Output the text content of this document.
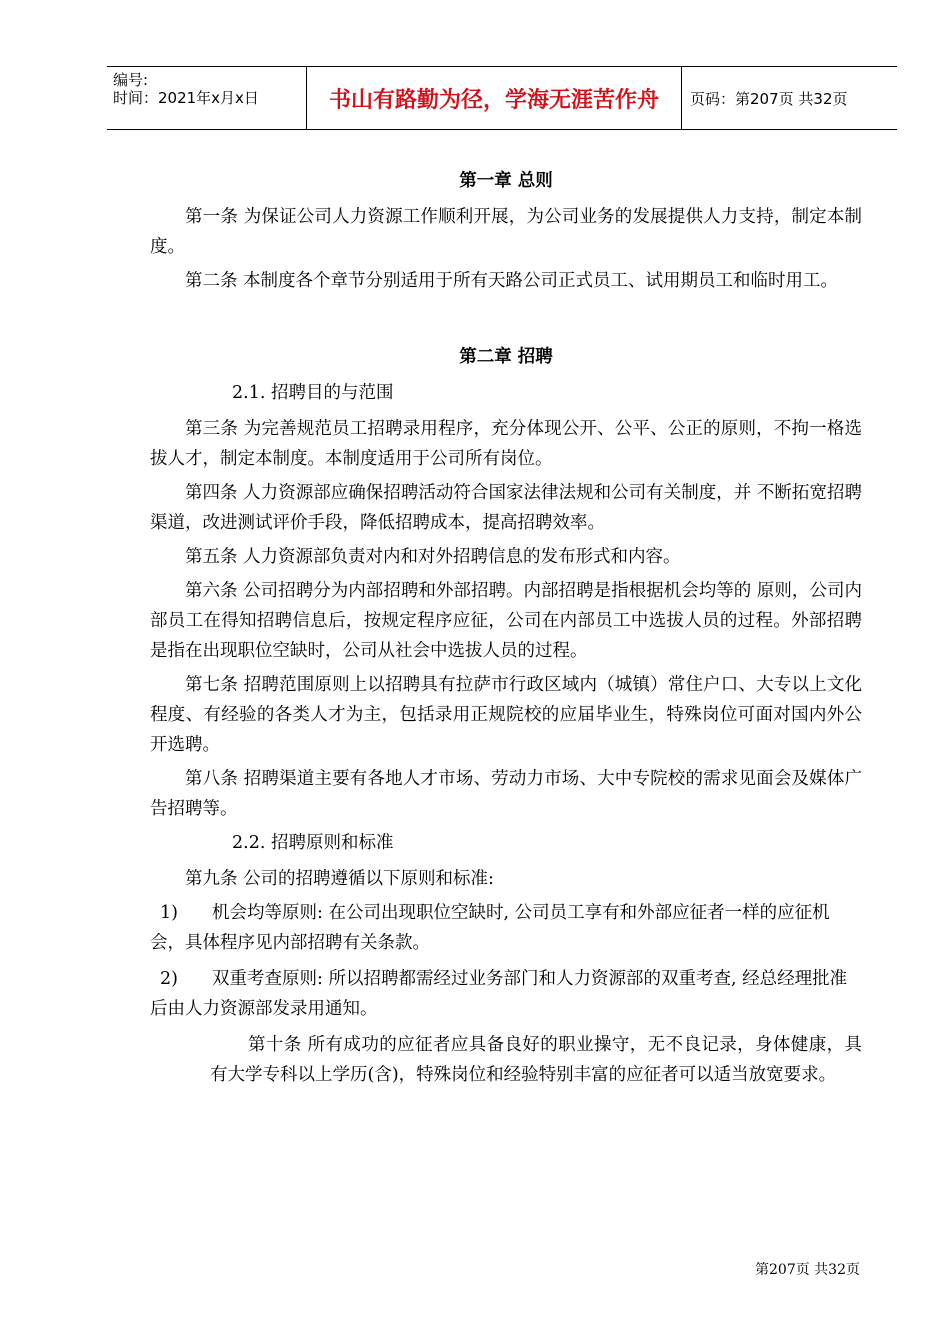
编号:
时间：2021年x月x日	书山有路勤为径，学海无涯苦作舟	页码：第207页 共32页
第一章 总则

第一条 为保证公司人力资源工作顺利开展，为公司业务的发展提供人力支持，制定本制度。

第二条 本制度各个章节分别适用于所有天路公司正式员工、试用期员工和临时用工。

第二章 招聘
2.1. 招聘目的与范围

第三条 为完善规范员工招聘录用程序，充分体现公开、公平、公正的原则，不拘一格选拔人才，制定本制度。本制度适用于公司所有岗位。

第四条 人力资源部应确保招聘活动符合国家法律法规和公司有关制度，并 不断拓宽招聘渠道，改进测试评价手段，降低招聘成本，提高招聘效率。

第五条 人力资源部负责对内和对外招聘信息的发布形式和内容。

第六条 公司招聘分为内部招聘和外部招聘。内部招聘是指根据机会均等的 原则，公司内部员工在得知招聘信息后，按规定程序应征，公司在内部员工中选拔人员的过程。外部招聘是指在出现职位空缺时，公司从社会中选拔人员的过程。

第七条 招聘范围原则上以招聘具有拉萨市行政区域内（城镇）常住户口、大专以上文化程度、有经验的各类人才为主，包括录用正规院校的应届毕业生，特殊岗位可面对国内外公开选聘。

第八条 招聘渠道主要有各地人才市场、劳动力市场、大中专院校的需求见面会及媒体广告招聘等。

2.2. 招聘原则和标准

第九条 公司的招聘遵循以下原则和标准:

1) 机会均等原则: 在公司出现职位空缺时, 公司员工享有和外部应征者一样的应征机会，具体程序见内部招聘有关条款。

2) 双重考查原则: 所以招聘都需经过业务部门和人力资源部的双重考查, 经总经理批准后由人力资源部发录用通知。

第十条 所有成功的应征者应具备良好的职业操守，无不良记录，身体健康，具有大学专科以上学历(含)，特殊岗位和经验特别丰富的应征者可以适当放宽要求。

第207页 共32页
